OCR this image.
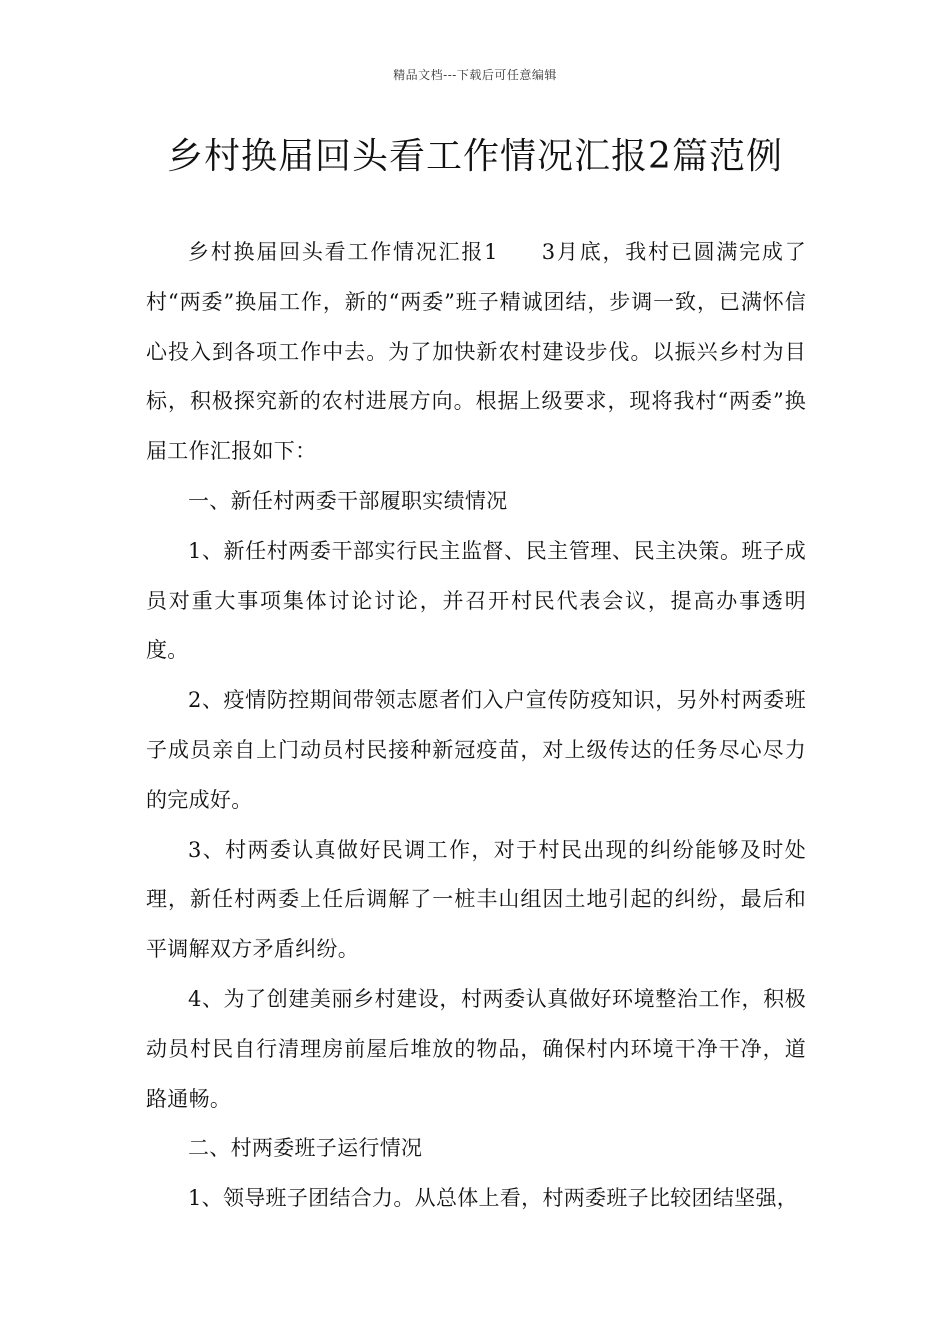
精品文档---下载后可任意编辑
乡村换届回头看工作情况汇报2篇范例

乡村换届回头看工作情况汇报1 3月底，我村已圆满完成了村“两委”换届工作，新的“两委”班子精诚团结，步调一致，已满怀信心投入到各项工作中去。为了加快新农村建设步伐。以振兴乡村为目标，积极探究新的农村进展方向。根据上级要求，现将我村“两委”换届工作汇报如下：

一、新任村两委干部履职实绩情况

1、新任村两委干部实行民主监督、民主管理、民主决策。班子成员对重大事项集体讨论讨论，并召开村民代表会议，提高办事透明度。

2、疫情防控期间带领志愿者们入户宣传防疫知识，另外村两委班子成员亲自上门动员村民接种新冠疫苗，对上级传达的任务尽心尽力的完成好。

3、村两委认真做好民调工作，对于村民出现的纠纷能够及时处理，新任村两委上任后调解了一桩丰山组因土地引起的纠纷，最后和平调解双方矛盾纠纷。

4、为了创建美丽乡村建设，村两委认真做好环境整治工作，积极动员村民自行清理房前屋后堆放的物品，确保村内环境干净干净，道路通畅。

二、村两委班子运行情况

1、领导班子团结合力。从总体上看，村两委班子比较团结坚强，
